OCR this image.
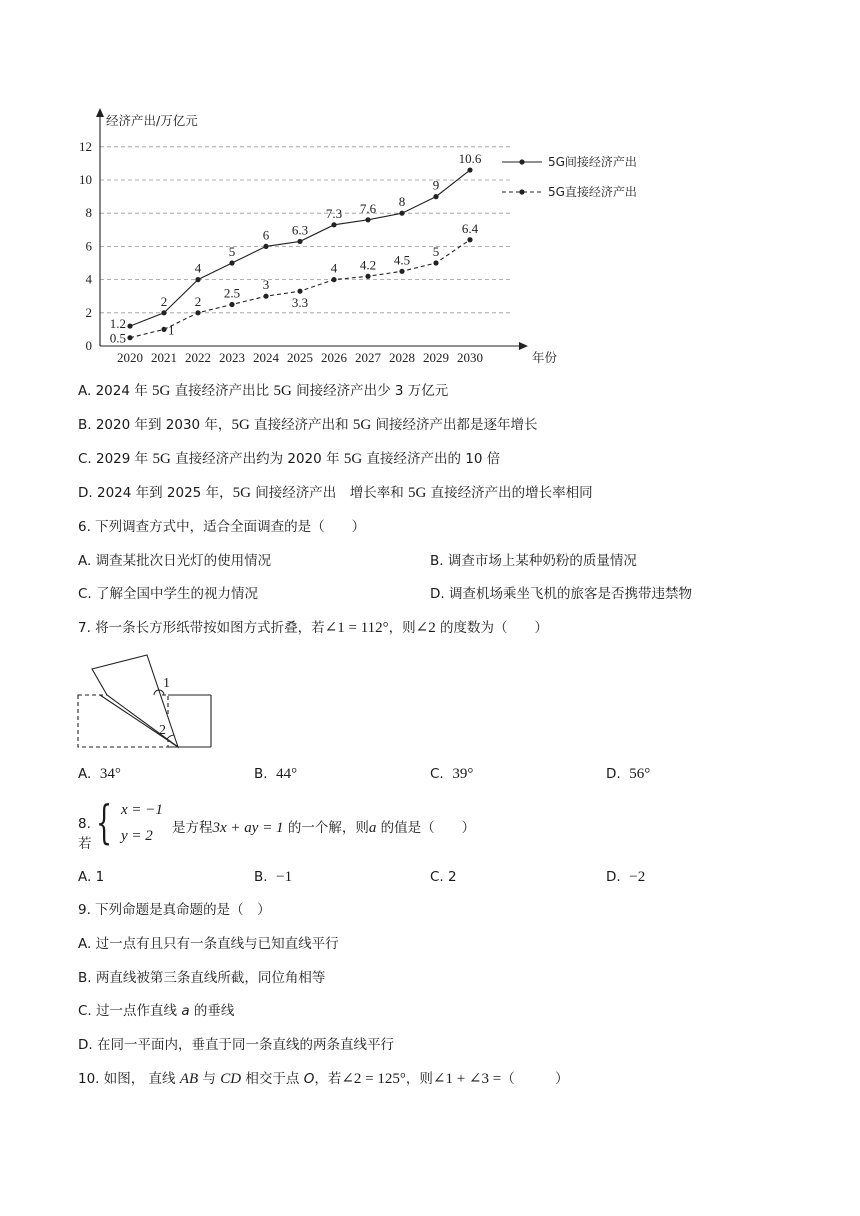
0
2
4
6
8
10
12
经济产出/万亿元
年份
2020 2021 2022 2023 2024 2025 2026 2027 2028 2029 2030
1.2
2
4
5
6 6.3
7.3 7.6 8
9
10.6
0.5
1
2
2.5
3
3.3
4 4.2 4.5
5
6.4
5G间接经济产出
5G直接经济产出
A. 2024 年 5G 直接经济产出比 5G 间接经济产出少 3 万亿元
B. 2020 年到 2030 年，5G 直接经济产出和 5G 间接经济产出都是逐年增长
C. 2029 年 5G 直接经济产出约为 2020 年 5G 直接经济产出的 10 倍
D. 2024 年到 2025 年，5G 间接经济产出　增长率和 5G 直接经济产出的增长率相同
6. 下列调查方式中，适合全面调查的是（　　）
A. 调查某批次日光灯的使用情况	B. 调查市场上某种奶粉的质量情况
C. 了解全国中学生的视力情况	D. 调查机场乘坐飞机的旅客是否携带违禁物
7. 将一条长方形纸带按如图方式折叠，若∠1 = 112°，则∠2 的度数为（　　）
1
2
A. 34°	B. 44°	C. 39°	D. 56°
8. 若 { x = −1
y = 2 是方程3x + ay = 1 的一个解，则a 的值是（　　）
A. 1	B. −1	C. 2	D. −2
9. 下列命题是真命题的是（　）
A. 过一点有且只有一条直线与已知直线平行
B. 两直线被第三条直线所截，同位角相等
C. 过一点作直线 a 的垂线
D. 在同一平面内，垂直于同一条直线的两条直线平行
10. 如图， 直线 AB 与 CD 相交于点 O，若∠2 = 125°，则∠1 + ∠3 =（　　　）
